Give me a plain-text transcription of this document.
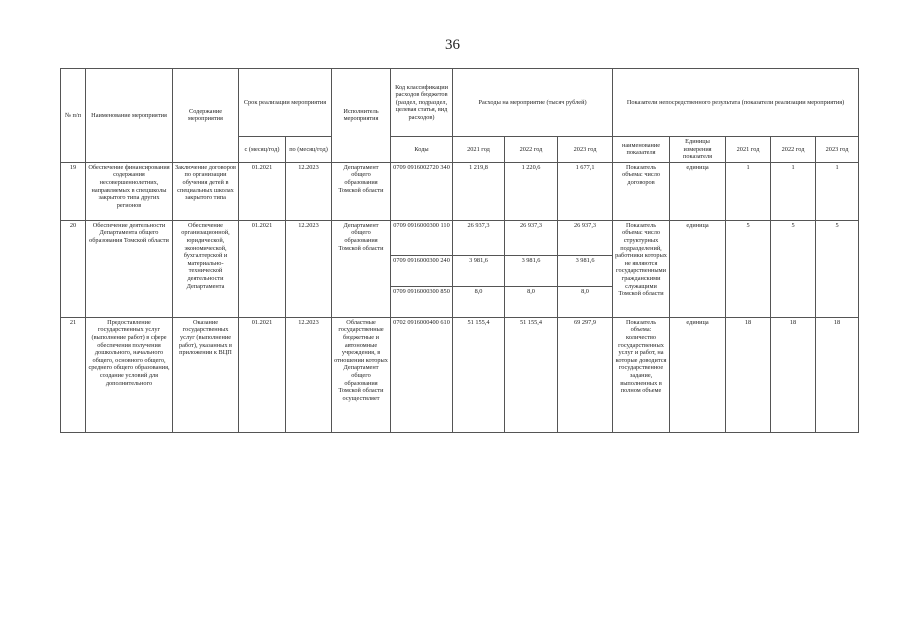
36
№ п/п	Наименование мероприятия	Содержание мероприятия	Срок реализации мероприятия		Исполнитель мероприятия	Код классификации расходов бюджетов (раздел, подраздел, целевая статья, вид расходов)	Расходы на мероприятие (тысяч рублей)			Показатели непосредственного результата (показатели реализации мероприятия)				
			с (месяц/год)	по (месяц/год)		Коды	2021 год	2022 год	2023 год	наименование показателя	Единицы измерения показателя	2021 год	2022 год	2023 год
19	Обеспечение финансирования содержания несовершеннолетних, направляемых в спецшколы закрытого типа других регионов	Заключение договоров по организации обучения детей в специальных школах закрытого типа	01.2021	12.2023	Департамент общего образования Томской области	0709 0916002720 340	1 219,8	1 220,6	1 677,1	Показатель объема: число договоров	единица	1	1	1
20	Обеспечение деятельности Департамента общего образования Томской области	Обеспечение организационной, юридической, экономической, бухгалтерской и материально-технической деятельности Департамента	01.2021	12.2023	Департамент общего образования Томской области	0709 0916000300 110	26 937,3	26 937,3	26 937,3	Показатель объема: число структурных подразделений, работники которых не являются государственными гражданскими служащими Томской области	единица	5	5	5
						0709 0916000300 240	3 981,6	3 981,6	3 981,6					
						0709 0916000300 850	8,0	8,0	8,0					
21	Предоставление государственных услуг (выполнение работ) в сфере обеспечения получения дошкольного, начального общего, основного общего, среднего общего образования, создание условий для дополнительного	Оказание государственных услуг (выполнение работ), указанных в приложении к ВЦП	01.2021	12.2023	Областные государственные бюджетные и автономные учреждения, в отношении которых Департамент общего образования Томской области осуществляет	0702 0916000400 610	51 155,4	51 155,4	69 297,9	Показатель объема: количество государственных услуг и работ, на которые доводится государственное задание, выполненных в полном объеме	единица	18	18	18
